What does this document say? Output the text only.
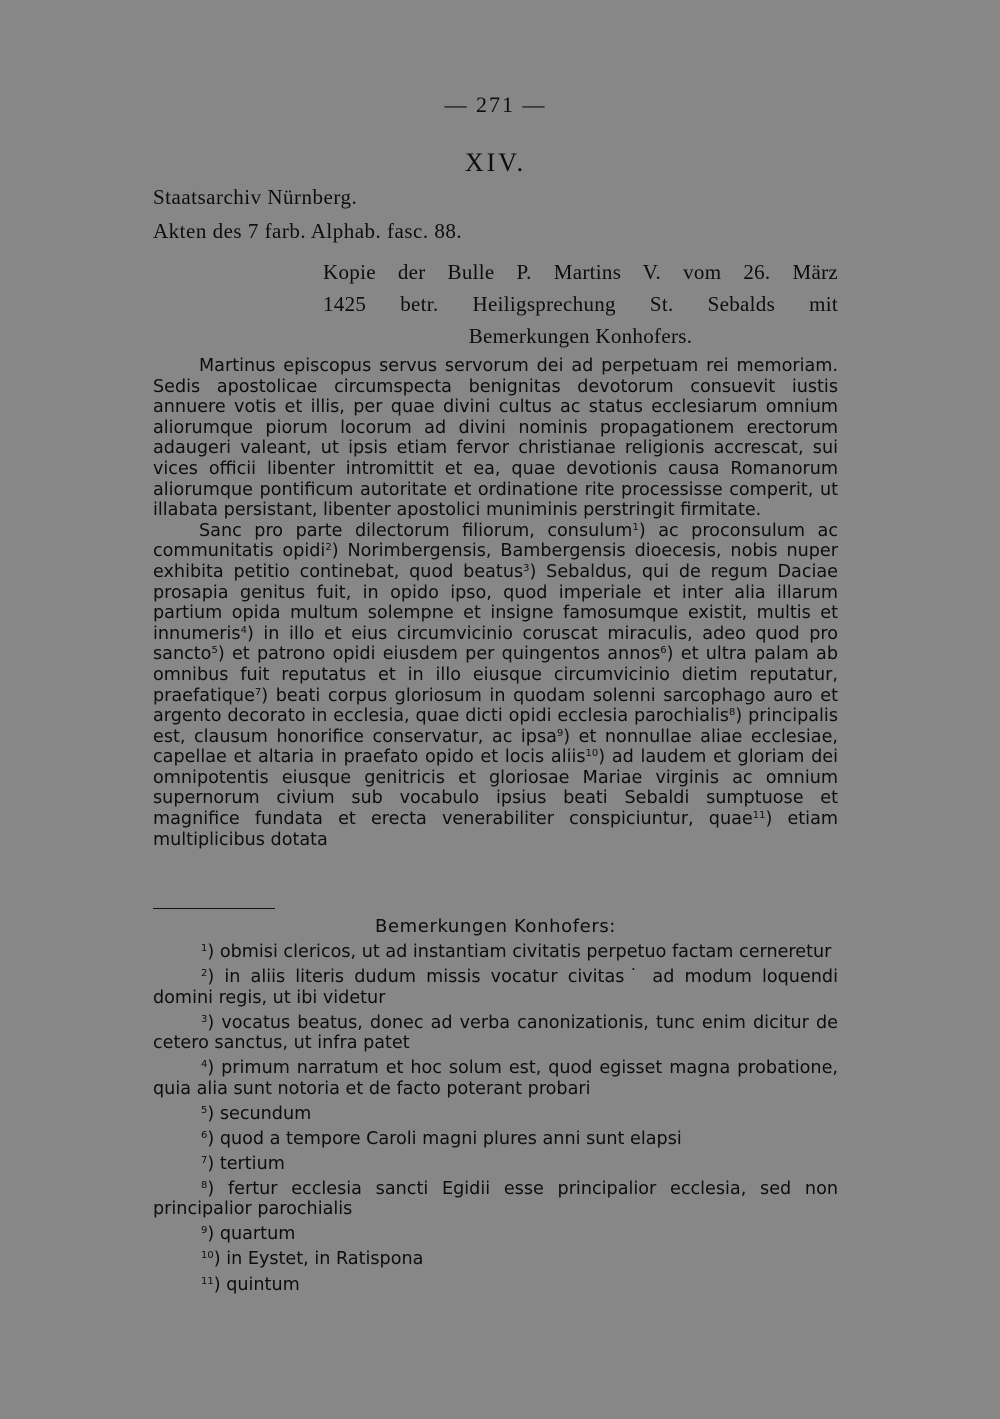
— 271 —
XIV.
Staatsarchiv Nürnberg.
Akten des 7 farb. Alphab. fasc. 88.
Kopie der Bulle P. Martins V. vom 26. März
1425 betr. Heiligsprechung St. Sebalds mit
Bemerkungen Konhofers.

Martinus episcopus servus servorum dei ad perpetuam rei memoriam. Sedis apostolicae circumspecta benignitas devotorum consuevit iustis annuere votis et illis, per quae divini cultus ac status ecclesiarum omnium aliorumque piorum locorum ad divini nominis propagationem erectorum adaugeri valeant, ut ipsis etiam fervor christianae religionis accrescat, sui vices officii libenter intromittit et ea, quae devotionis causa Romanorum aliorumque pontificum autoritate et ordinatione rite processisse comperit, ut illabata persistant, libenter apostolici muniminis perstringit firmitate.

Sanc pro parte dilectorum filiorum, consulum$^1$) ac proconsulum ac communitatis opidi$^2$) Norimbergensis, Bambergensis dioecesis, nobis nuper exhibita petitio continebat, quod beatus$^3$) Sebaldus, qui de regum Daciae prosapia genitus fuit, in opido ipso, quod imperiale et inter alia illarum partium opida multum solempne et insigne famosumque existit, multis et innumeris$^4$) in illo et eius circumvicinio coruscat miraculis, adeo quod pro sancto$^5$) et patrono opidi eiusdem per quingentos annos$^6$) et ultra palam ab omnibus fuit reputatus et in illo eiusque circumvicinio dietim reputatur, praefatique$^7$) beati corpus gloriosum in quodam solenni sarcophago auro et argento decorato in ecclesia, quae dicti opidi ecclesia parochialis$^8$) principalis est, clausum honorifice conservatur, ac ipsa$^9$) et nonnullae aliae ecclesiae, capellae et altaria in praefato opido et locis aliis$^{10}$) ad laudem et gloriam dei omnipotentis eiusque genitricis et gloriosae Mariae virginis ac omnium supernorum civium sub vocabulo ipsius beati Sebaldi sumptuose et magnifice fundata et erecta venerabiliter conspiciuntur, quae$^{11}$) etiam multiplicibus dotata

Bemerkungen Konhofers:

$^1$) obmisi clericos, ut ad instantiam civitatis perpetuo factam cerneretur

$^2$) in aliis literis dudum missis vocatur civitas˙ ad modum loquendi domini regis, ut ibi videtur

$^3$) vocatus beatus, donec ad verba canonizationis, tunc enim dicitur de cetero sanctus, ut infra patet

$^4$) primum narratum et hoc solum est, quod egisset magna probatione, quia alia sunt notoria et de facto poterant probari

$^5$) secundum

$^6$) quod a tempore Caroli magni plures anni sunt elapsi

$^7$) tertium

$^8$) fertur ecclesia sancti Egidii esse principalior ecclesia, sed non principalior parochialis

$^9$) quartum

$^{10}$) in Eystet, in Ratispona

$^{11}$) quintum
